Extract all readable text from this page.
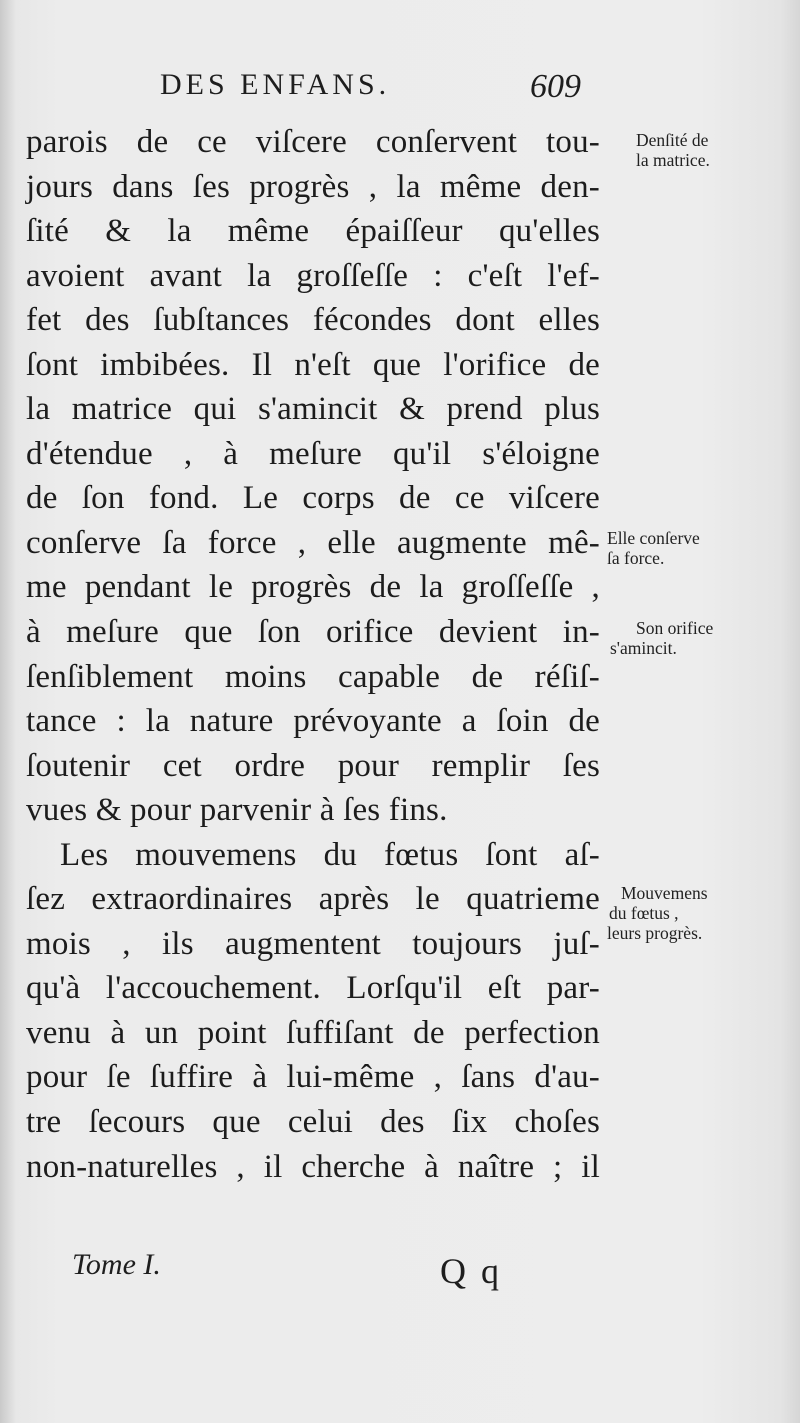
DES ENFANS.	609
parois de ce viſcere conſervent tou-
jours dans ſes progrès , la même den-
ſité & la même épaiſſeur qu'elles
avoient avant la groſſeſſe : c'eſt l'ef-
fet des ſubſtances fécondes dont elles
ſont imbibées. Il n'eſt que l'orifice de
la matrice qui s'amincit & prend plus
d'étendue , à meſure qu'il s'éloigne
de ſon fond. Le corps de ce viſcere
conſerve ſa force , elle augmente mê-
me pendant le progrès de la groſſeſſe ,
à meſure que ſon orifice devient in-
ſenſiblement moins capable de réſiſ-
tance : la nature prévoyante a ſoin de
ſoutenir cet ordre pour remplir ſes
vues & pour parvenir à ſes fins.
Les mouvemens du fœtus ſont aſ-
ſez extraordinaires après le quatrieme
mois , ils augmentent toujours juſ-
qu'à l'accouchement. Lorſqu'il eſt par-
venu à un point ſuffiſant de perfection
pour ſe ſuffire à lui-même , ſans d'au-
tre ſecours que celui des ſix choſes
non-naturelles , il cherche à naître ; il
Denſité de
la matrice.
Elle conſerve
ſa force.
Son orifice
s'amincit.
Mouvemens
du fœtus ,
leurs progrès.
Tome I.	Q q
